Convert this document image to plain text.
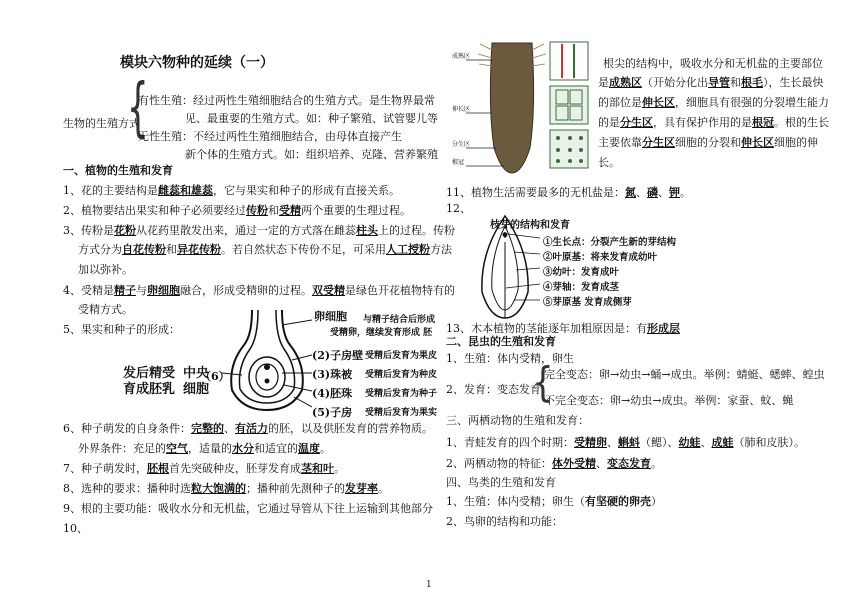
模块六物种的延续（一）
生物的生殖方式
{
有性生殖：经过两性生殖细胞结合的生殖方式。是生物界最常
见、最重要的生殖方式。如：种子繁殖、试管婴儿等
无性生殖：不经过两性生殖细胞结合，由母体直接产生
新个体的生殖方式。如：组织培养、克隆、营养繁殖
一、植物的生殖和发育
1、花的主要结构是雌蕊和雄蕊，它与果实和种子的形成有直接关系。
2、植物要结出果实和种子必须要经过传粉和受精两个重要的生理过程。
3、传粉是花粉从花药里散发出来，通过一定的方式落在雌蕊柱头上的过程。传粉
方式分为自花传粉和异花传粉。若自然状态下传份不足，可采用人工授粉方法
加以弥补。
4、受精是精子与卵细胞融合，形成受精卵的过程。双受精是绿色开花植物特有的
受精方式。
5、果实和种子的形成：
发后精受
育成胚乳
中央
细胞
（6）
卵细胞 与精子结合后形成
受精卵，继续发育形成 胚
(2)子房壁 受精后发育为果皮
(3)珠被 受精后发育为种皮
(4)胚珠 受精后发育为种子
(5)子房 受精后发育为果实
6、种子萌发的自身条件：完整的、有活力的胚，以及供胚发育的营养物质。
外界条件：充足的空气，适量的水分和适宜的温度。
7、种子萌发时，胚根首先突破种皮，胚芽发育成茎和叶。
8、选种的要求：播种时选粒大饱满的；播种前先测种子的发芽率。
9、根的主要功能：吸收水分和无机盐，它通过导管从下往上运输到其他部分
10、
成熟区
伸长区
分生区
根冠
根尖的结构中，吸收水分和无机盐的主要部位
是成熟区（开始分化出导管和根毛），生长最快
的部位是伸长区，细胞具有很强的分裂增生能力
的是分生区，具有保护作用的是根冠。根的生长
主要依靠分生区细胞的分裂和伸长区细胞的伸
长。
11、植物生活需要最多的无机盐是：氮、磷、钾。
12、
枝芽的结构和发育
①生长点：分裂产生新的芽结构
②叶原基：将来发育成幼叶
③幼叶：发育成叶
④芽轴：发育成茎
⑤芽原基 发育成侧芽
13、木本植物的茎能逐年加粗原因是：有形成层
二、昆虫的生殖和发育
1、生殖：体内受精，卵生
2、发育：变态发育
{
完全变态：卵→幼虫→蛹→成虫。举例：蜻蜓、蟋蟀、蝗虫
不完全变态：卵→幼虫→成虫。举例：家蚕、蚊、蝇
三、两栖动物的生殖和发育：
1、青蛙发育的四个时期：受精卵、蝌蚪（鳃）、幼蛙、成蛙（肺和皮肤）。
2、两栖动物的特征：体外受精、变态发育。
四、鸟类的生殖和发育
1、生殖：体内受精；卵生（有坚硬的卵壳）
2、鸟卵的结构和功能：
1
